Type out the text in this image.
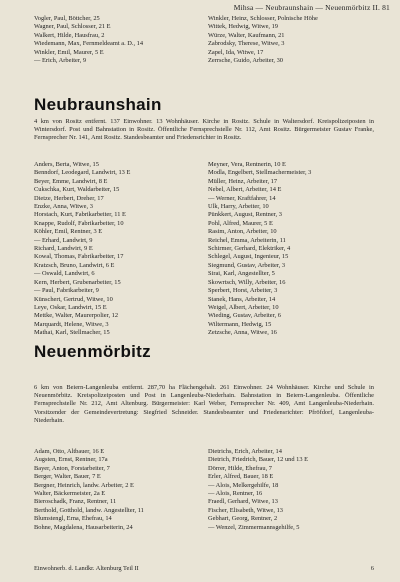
Mihsa — Neubraunshain — Neuenmörbitz II. 81
Vogler, Paul, Böttcher, 25
Wagner, Paul, Schlosser, 21 E
Walkert, Hilde, Hausfrau, 2
Wiedemann, Max, Fernmeldeamt a. D., 14
Winkler, Emil, Maurer, 5 E
— Erich, Arbeiter, 9
Winkler, Heinz, Schlosser, Polnische Höhe
Wittek, Hedwig, Witwe, 19
Würze, Walter, Kaufmann, 21
Zabrodsky, Therese, Witwe, 3
Zapel, Ida, Witwe, 17
Zerrsche, Guido, Arbeiter, 30
Neubraunshain

4 km von Rositz entfernt. 137 Einwohner. 13 Wohnhäuser. Kirche in Rositz. Schule in Waltersdorf. Kreispolizeiposten in Wintersdorf. Post und Bahnstation in Rositz. Öffentliche Fernsprechstelle Nr. 112, Amt Rositz. Bürgermeister Gustav Franke, Fernsprecher Nr. 141, Amt Rositz. Standesbeamter und Friedensrichter in Rositz.

Anders, Berta, Witwe, 15
Benndorf, Leodegard, Landwirt, 13 E
Beyer, Emme, Landwirt, 8 E
Cukschka, Kurt, Waldarbeiter, 15
Dietze, Herbert, Dreher, 17
Enzke, Anna, Witwe, 3
Horstach, Kurt, Fabrikarbeiter, 11 E
Knappe, Rudolf, Fabrikarbeiter, 10
Köhler, Emil, Rentner, 3 E
— Erhard, Landwirt, 9
Richard, Landwirt, 9 E
Kowal, Thomas, Fabrikarbeiter, 17
Kratzsch, Bruno, Landwirt, 6 E
— Oswald, Landwirt, 6
Kern, Herbert, Grubenarbeiter, 15
— Paul, Fabrikarbeiter, 9
Künschert, Gertrud, Witwe, 10
Leye, Oskar, Landwirt, 15 E
Mettke, Walter, Maurerpolier, 12
Marquardt, Helene, Witwe, 3
Mathai, Karl, Stellmacher, 15
Meyner, Vera, Rentnerin, 10 E
Modla, Engelbert, Stellmachermeister, 3
Müller, Heinz, Arbeiter, 17
Nebel, Albert, Arbeiter, 14 E
— Werner, Kraftfahrer, 14
Ulk, Harry, Arbeiter, 10
Pünkkert, August, Rentner, 3
Pohl, Alfred, Maurer, 5 E
Rasim, Anton, Arbeiter, 10
Reichel, Emma, Arbeiterin, 11
Schirmer, Gerhard, Elektriker, 4
Schlegel, August, Ingenieur, 15
Siegmund, Gustav, Arbeiter, 3
Sirai, Karl, Angestellter, 5
Skowrtsch, Willy, Arbeiter, 16
Sperbert, Horst, Arbeiter, 3
Stanek, Hans, Arbeiter, 14
Weigel, Albert, Arbeiter, 10
Wieding, Gustav, Arbeiter, 6
Wiltermann, Hedwig, 15
Zetzsche, Anna, Witwe, 16
Neuenmörbitz

6 km von Beiern-Langenleuba entfernt. 287,70 ha Flächengehalt. 261 Einwohner. 24 Wohnhäuser. Kirche und Schule in Neuenmörbitz. Kreispolizeiposten und Post in Langenleuba-Niederhain. Bahnstation in Beiern-Langenleuba. Öffentliche Fernsprechstelle Nr. 212, Amt Altenburg. Bürgermeister: Karl Weber, Fernsprecher Nr. 409, Amt Langenleuba-Niederhain. Vorsitzender der Gemeindevertretung: Siegfried Schneider. Standesbeamter und Friedensrichter: Pfröfdorf, Langenleuba-Niederhain.

Adam, Otto, Altbauer, 16 E
Augsten, Ernst, Rentner, 17a
Bayer, Anton, Forstarbeiter, 7
Berger, Walter, Bauer, 7 E
Bergner, Heinrich, landw. Arbeiter, 2 E
Walter, Bäckermeister, 2a E
Bieroschadk, Franz, Rentner, 11
Berthold, Gotthold, landw. Angestellter, 11
Blumstengl, Erna, Ehefrau, 14
Bohne, Magdalena, Hausarbeiterin, 24
Dietrichs, Erich, Arbeiter, 14
Dietrich, Friedrich, Bauer, 12 und 13 E
Dörrer, Hilde, Ehefrau, 7
Erler, Alfred, Bauer, 18 E
— Alois, Melkergehilfe, 18
— Alois, Rentner, 16
Fraedl, Gerhard, Witwe, 13
Fischer, Elisabeth, Witwe, 13
Gebhart, Georg, Rentner, 2
— Wenzel, Zimmermannsgehilfe, 5
Einwohnerb. d. Landkr. Altenburg Teil II	6
